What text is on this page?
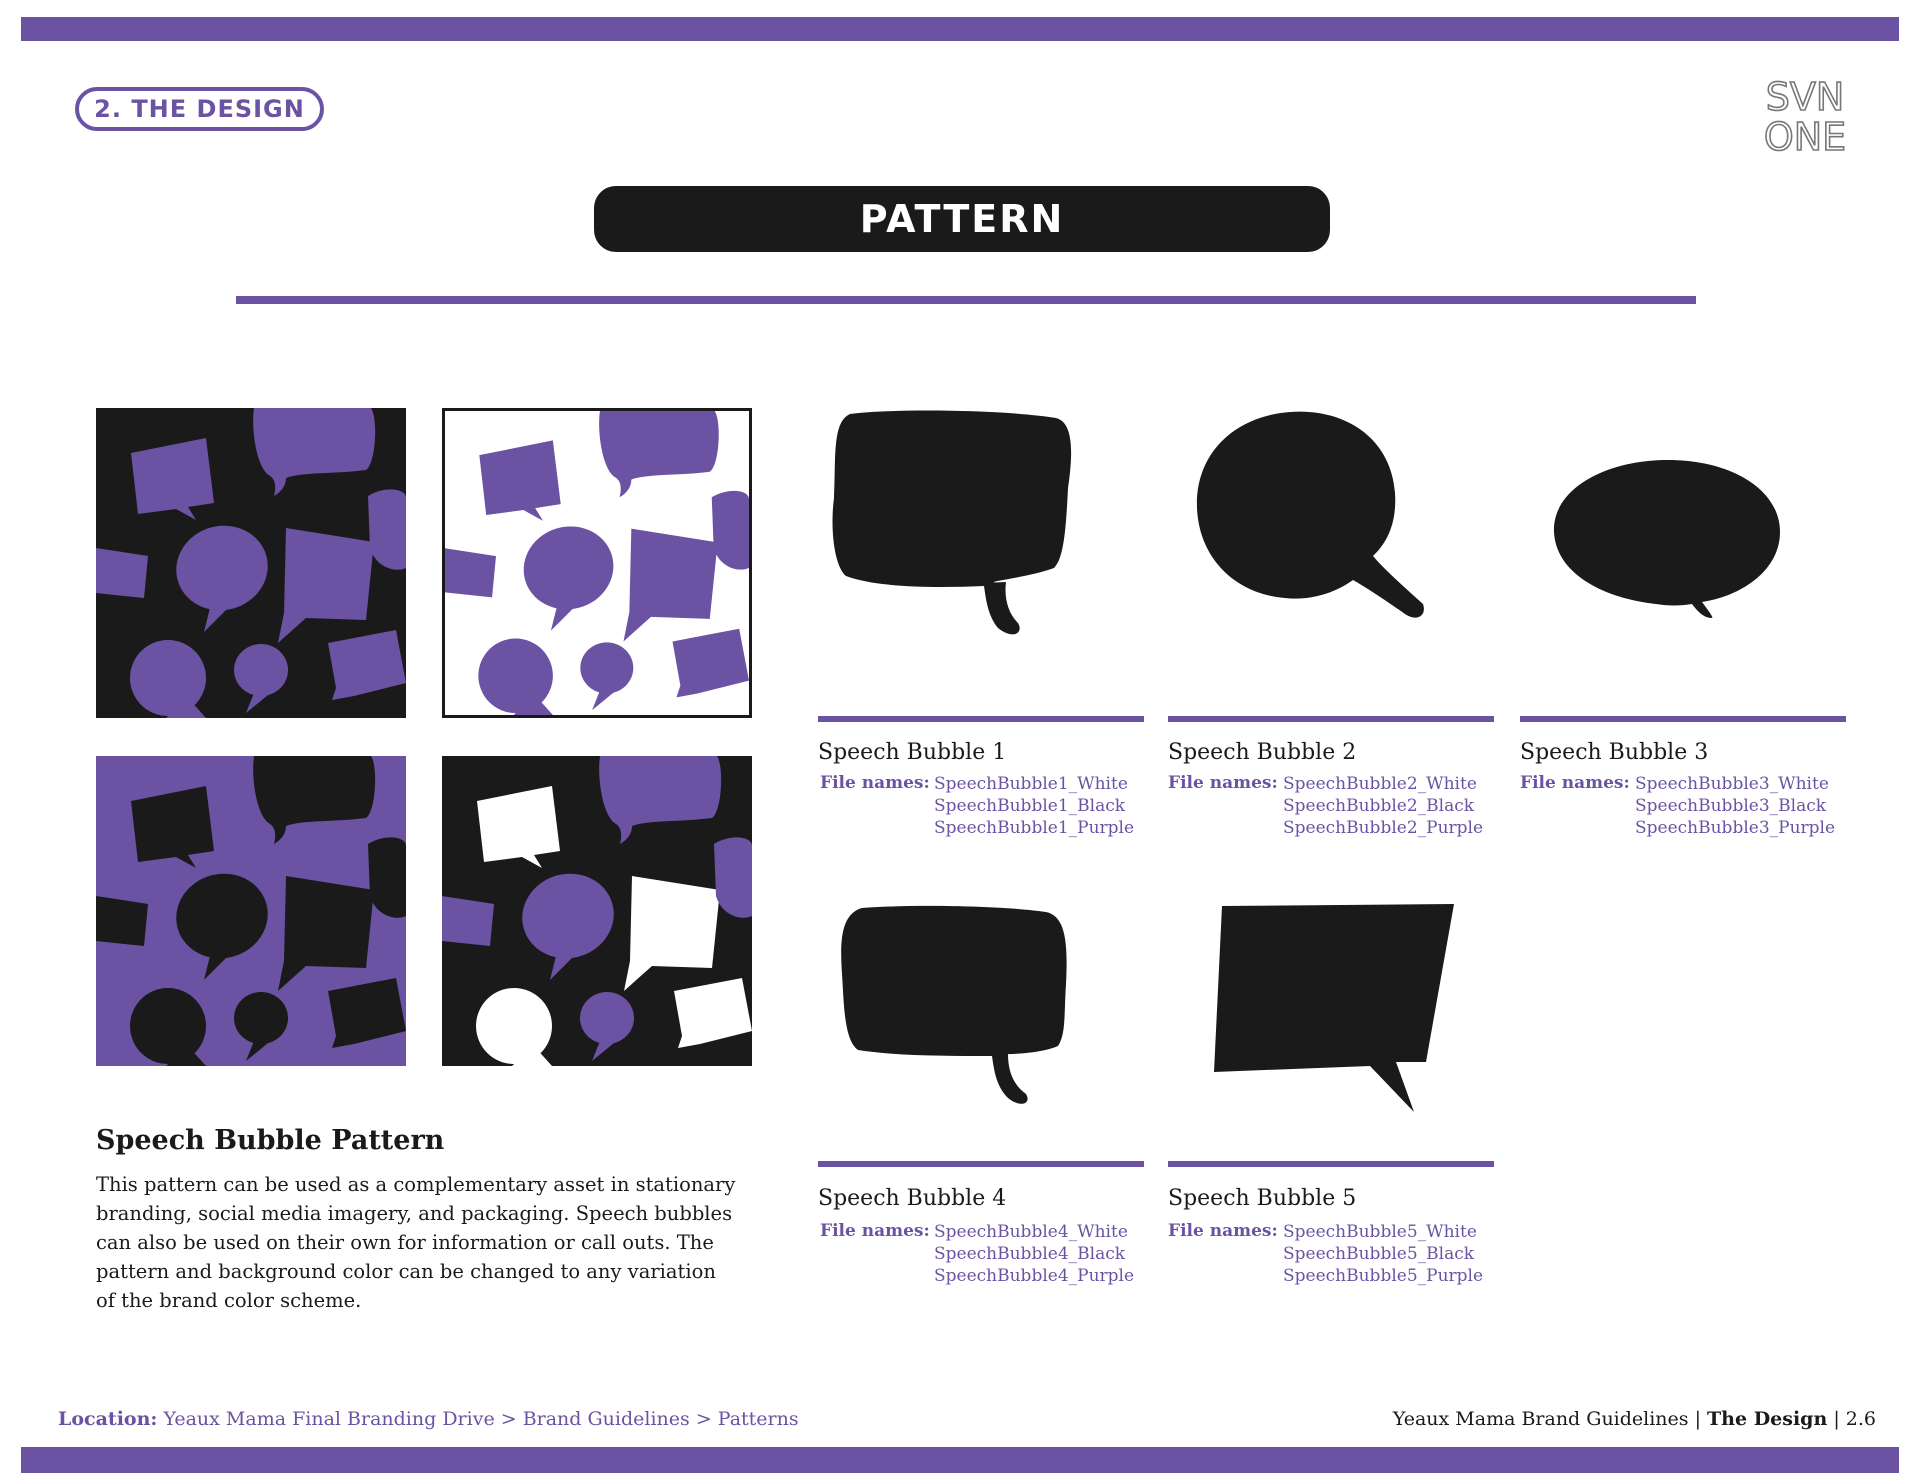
2. THE DESIGN	SVN
ONE
PATTERN
Speech Bubble Pattern
This pattern can be used as a complementary asset in stationary branding, social media imagery, and packaging. Speech bubbles can also be used on their own for information or call outs. The pattern and background color can be changed to any variation of the brand color scheme.
Speech Bubble 1
File names: SpeechBubble1_White
SpeechBubble1_Black
SpeechBubble1_Purple
Speech Bubble 2
File names: SpeechBubble2_White
SpeechBubble2_Black
SpeechBubble2_Purple
Speech Bubble 3
File names: SpeechBubble3_White
SpeechBubble3_Black
SpeechBubble3_Purple
Speech Bubble 4
File names: SpeechBubble4_White
SpeechBubble4_Black
SpeechBubble4_Purple
Speech Bubble 5
File names: SpeechBubble5_White
SpeechBubble5_Black
SpeechBubble5_Purple
Location: Yeaux Mama Final Branding Drive > Brand Guidelines > Patterns	Yeaux Mama Brand Guidelines | The Design | 2.6
